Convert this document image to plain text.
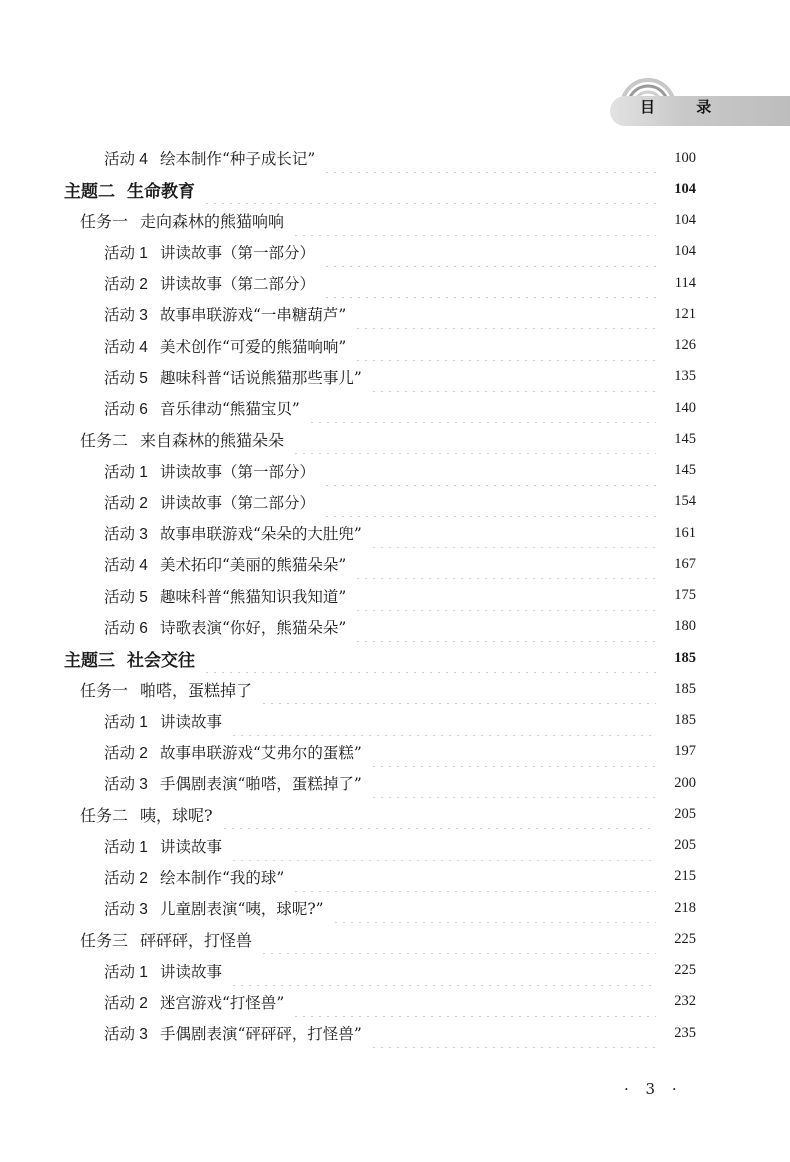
目 录
活动 4 绘本制作“种子成长记”	100
主题二 生命教育	104
任务一 走向森林的熊猫响响	104
活动 1 讲读故事（第一部分）	104
活动 2 讲读故事（第二部分）	114
活动 3 故事串联游戏“一串糖葫芦”	121
活动 4 美术创作“可爱的熊猫响响”	126
活动 5 趣味科普“话说熊猫那些事儿”	135
活动 6 音乐律动“熊猫宝贝”	140
任务二 来自森林的熊猫朵朵	145
活动 1 讲读故事（第一部分）	145
活动 2 讲读故事（第二部分）	154
活动 3 故事串联游戏“朵朵的大肚兜”	161
活动 4 美术拓印“美丽的熊猫朵朵”	167
活动 5 趣味科普“熊猫知识我知道”	175
活动 6 诗歌表演“你好，熊猫朵朵”	180
主题三 社会交往	185
任务一 啪嗒，蛋糕掉了	185
活动 1 讲读故事	185
活动 2 故事串联游戏“艾弗尔的蛋糕”	197
活动 3 手偶剧表演“啪嗒，蛋糕掉了”	200
任务二 咦，球呢?	205
活动 1 讲读故事	205
活动 2 绘本制作“我的球”	215
活动 3 儿童剧表演“咦，球呢?”	218
任务三 砰砰砰，打怪兽	225
活动 1 讲读故事	225
活动 2 迷宫游戏“打怪兽”	232
活动 3 手偶剧表演“砰砰砰，打怪兽”	235
· 3 ·
